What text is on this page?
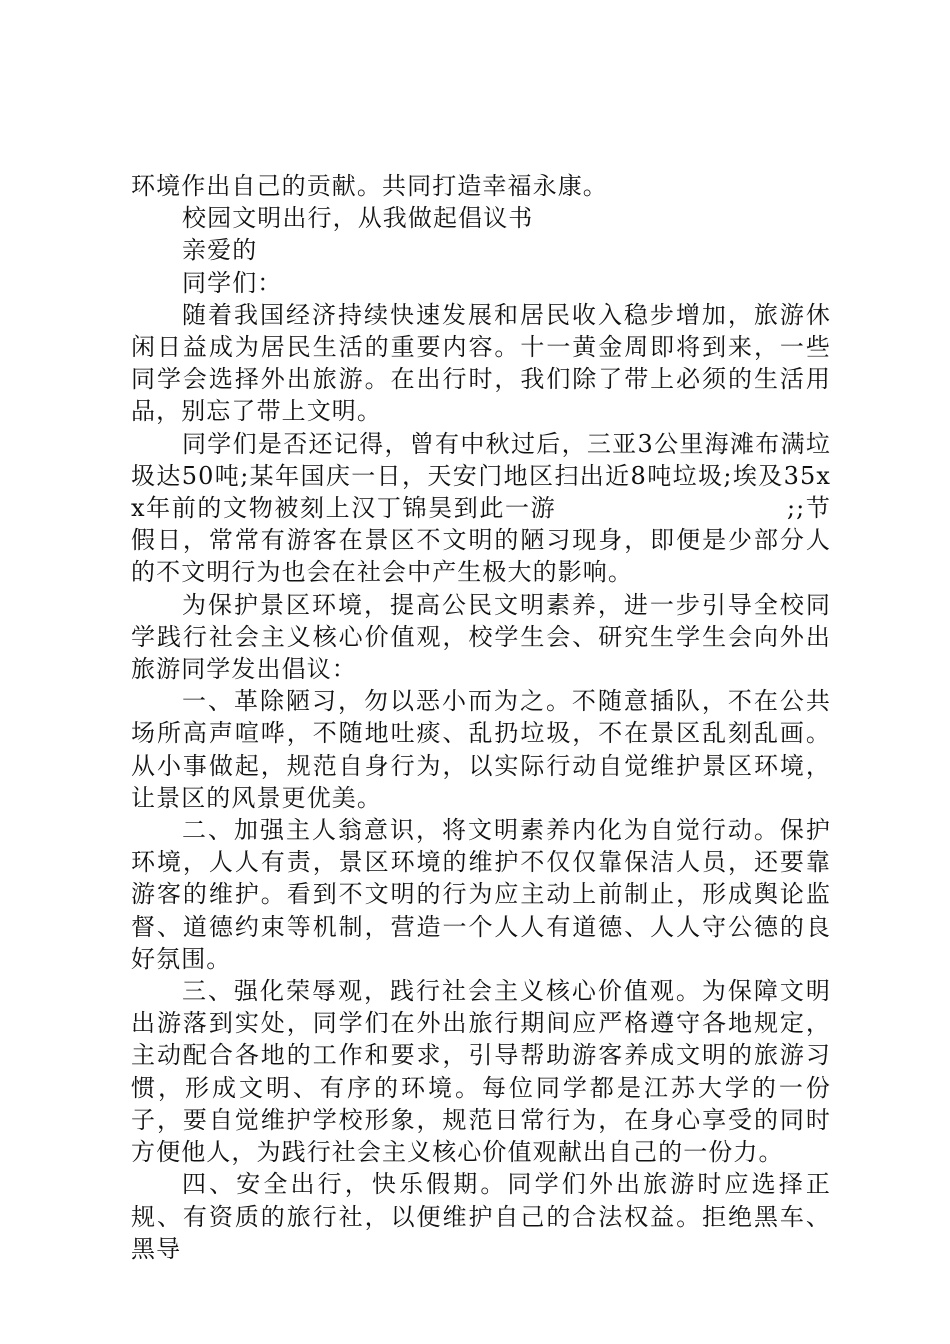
环境作出自己的贡献。共同打造幸福永康。

校园文明出行，从我做起倡议书

亲爱的

同学们：

随着我国经济持续快速发展和居民收入稳步增加，旅游休闲日益成为居民生活的重要内容。十一黄金周即将到来，一些同学会选择外出旅游。在出行时，我们除了带上必须的生活用品，别忘了带上文明。

同学们是否还记得，曾有中秋过后，三亚3公里海滩布满垃圾达50吨;某年国庆一日，天安门地区扫出近8吨垃圾;埃及35xx年前的文物被刻上汉丁锦昊到此一游　　　　　　　　　;;节假日，常常有游客在景区不文明的陋习现身，即便是少部分人的不文明行为也会在社会中产生极大的影响。

为保护景区环境，提高公民文明素养，进一步引导全校同学践行社会主义核心价值观，校学生会、研究生学生会向外出旅游同学发出倡议：

一、革除陋习，勿以恶小而为之。不随意插队，不在公共场所高声喧哗，不随地吐痰、乱扔垃圾，不在景区乱刻乱画。从小事做起，规范自身行为，以实际行动自觉维护景区环境，让景区的风景更优美。

二、加强主人翁意识，将文明素养内化为自觉行动。保护环境，人人有责，景区环境的维护不仅仅靠保洁人员，还要靠游客的维护。看到不文明的行为应主动上前制止，形成舆论监督、道德约束等机制，营造一个人人有道德、人人守公德的良好氛围。

三、强化荣辱观，践行社会主义核心价值观。为保障文明出游落到实处，同学们在外出旅行期间应严格遵守各地规定，主动配合各地的工作和要求，引导帮助游客养成文明的旅游习惯，形成文明、有序的环境。每位同学都是江苏大学的一份子，要自觉维护学校形象，规范日常行为，在身心享受的同时方便他人，为践行社会主义核心价值观献出自己的一份力。

四、安全出行，快乐假期。同学们外出旅游时应选择正规、有资质的旅行社，以便维护自己的合法权益。拒绝黑车、黑导
